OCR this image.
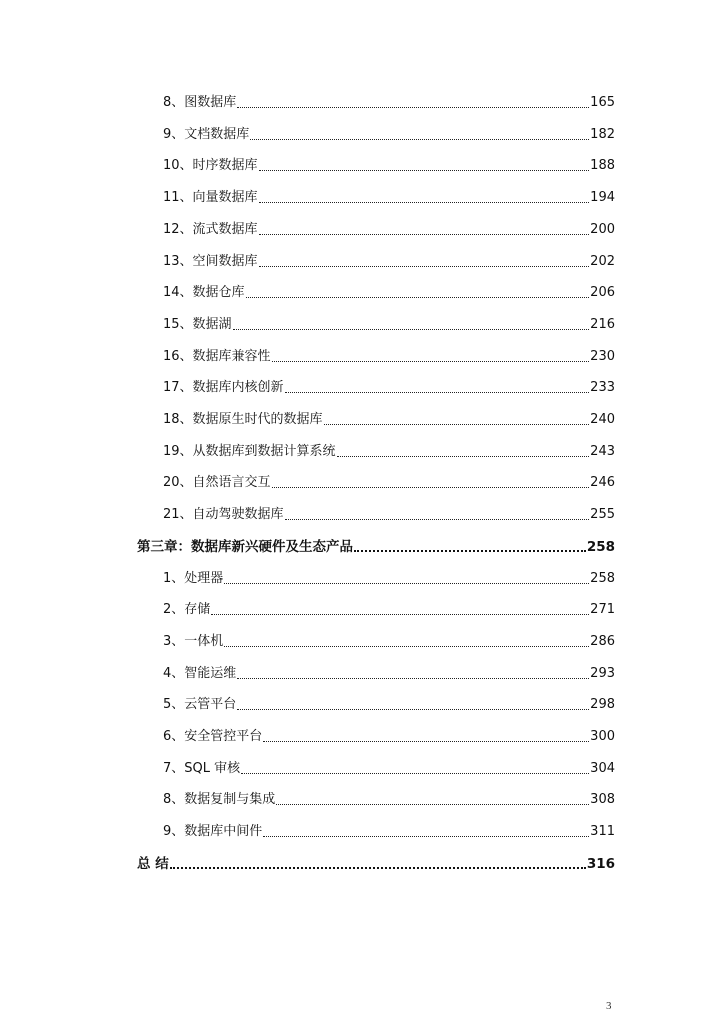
8、图数据库	165
9、文档数据库	182
10、时序数据库	188
11、向量数据库	194
12、流式数据库	200
13、空间数据库	202
14、数据仓库	206
15、数据湖	216
16、数据库兼容性	230
17、数据库内核创新	233
18、数据原生时代的数据库	240
19、从数据库到数据计算系统	243
20、自然语言交互	246
21、自动驾驶数据库	255
第三章：数据库新兴硬件及生态产品	258
1、处理器	258
2、存储	271
3、一体机	286
4、智能运维	293
5、云管平台	298
6、安全管控平台	300
7、SQL 审核	304
8、数据复制与集成	308
9、数据库中间件	311
总 结	316
3
